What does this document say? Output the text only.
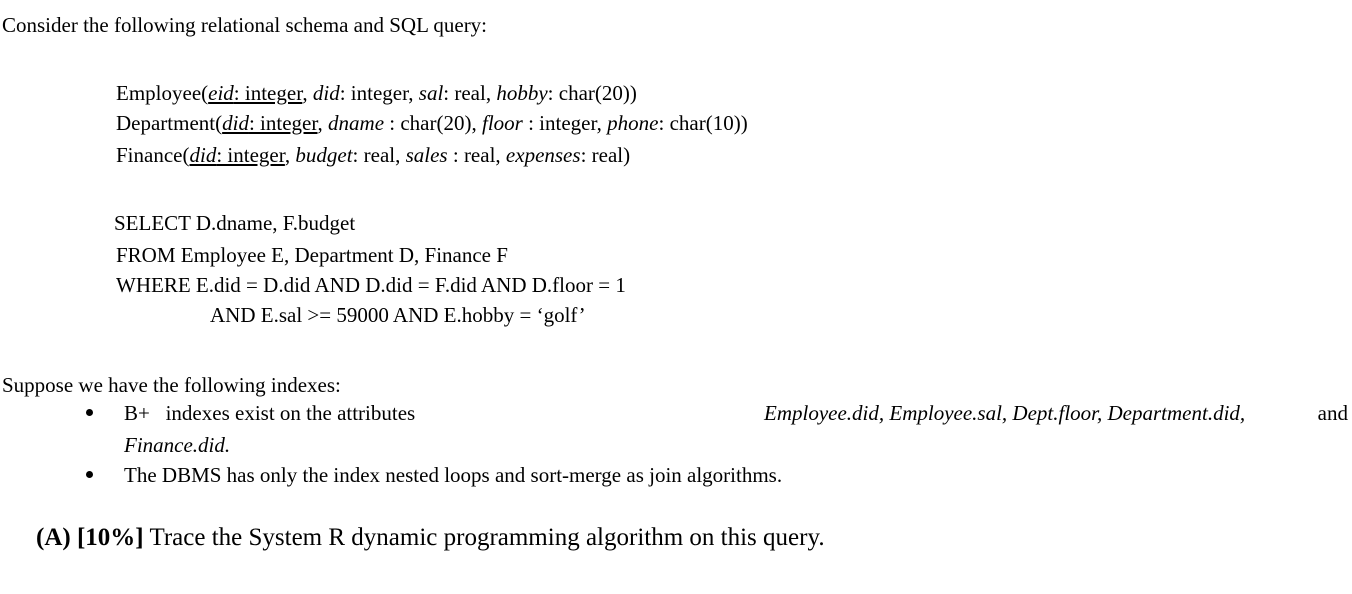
Consider the following relational schema and SQL query:
Employee(eid: integer, did: integer, sal: real, hobby: char(20))
Department(did: integer, dname : char(20), floor : integer, phone: char(10))
Finance(did: integer, budget: real, sales : real, expenses: real)
SELECT D.dname, F.budget
FROM Employee E, Department D, Finance F
WHERE E.did = D.did AND D.did = F.did AND D.floor = 1
AND E.sal >= 59000 AND E.hobby = ‘golf’
Suppose we have the following indexes:
B+   indexes exist on the attributes	Employee.did, Employee.sal, Dept.floor, Department.did,	and
Finance.did.
The DBMS has only the index nested loops and sort-merge as join algorithms.
(A) [10%] Trace the System R dynamic programming algorithm on this query.
